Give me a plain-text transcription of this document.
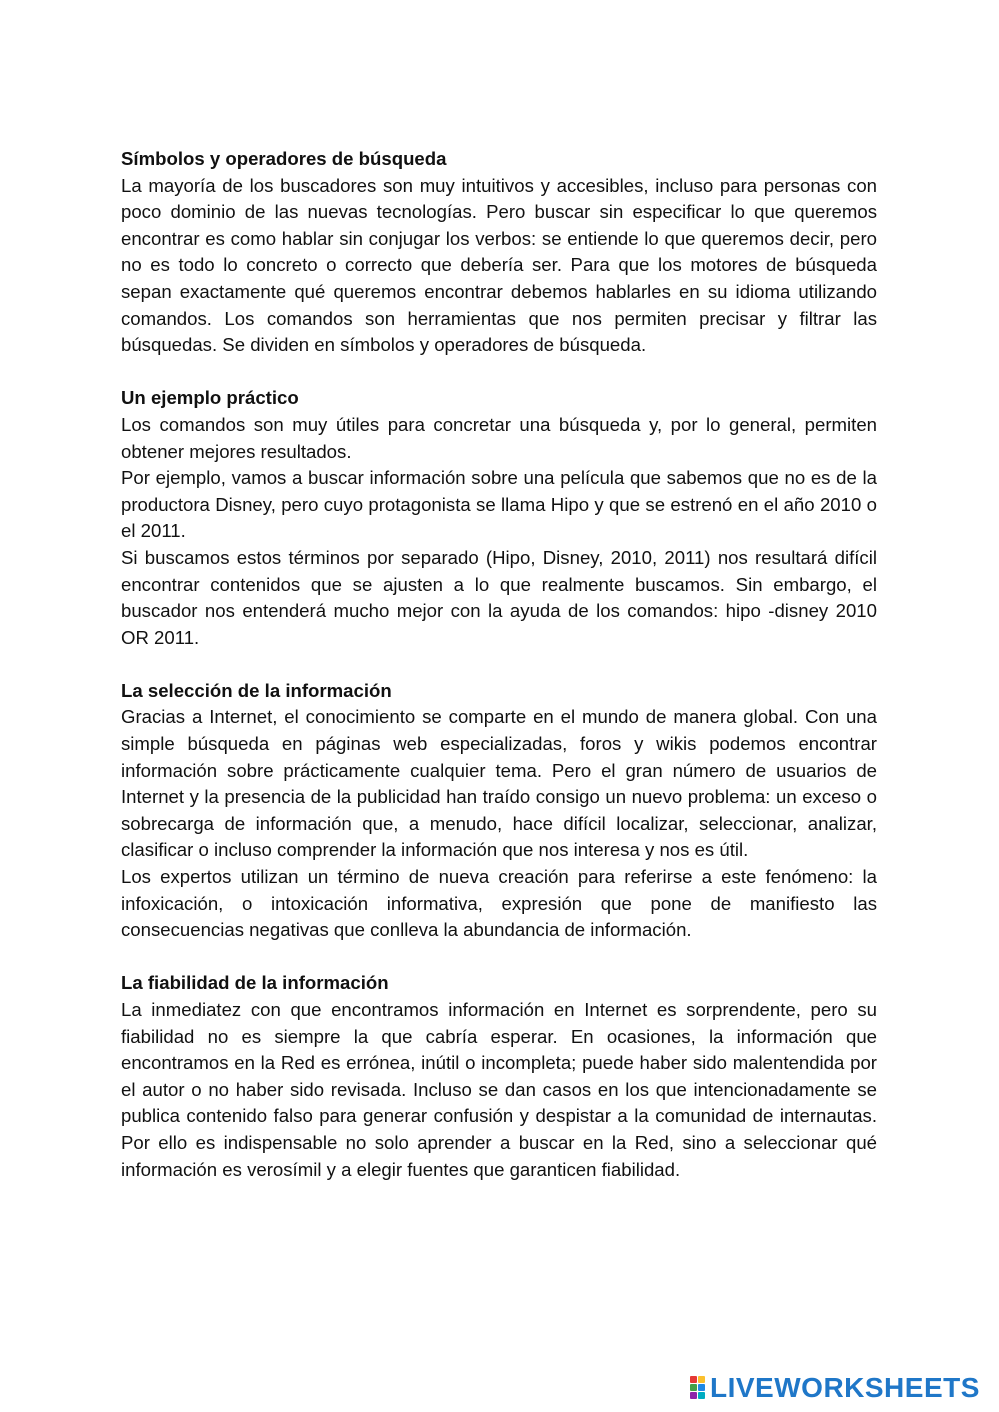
Símbolos y operadores de búsqueda

La mayoría de los buscadores son muy intuitivos y accesibles, incluso para personas con poco dominio de las nuevas tecnologías. Pero buscar sin especificar lo que queremos encontrar es como hablar sin conjugar los verbos: se entiende lo que queremos decir, pero no es todo lo concreto o correcto que debería ser. Para que los motores de búsqueda sepan exactamente qué queremos encontrar debemos hablarles en su idioma utilizando comandos. Los comandos son herramientas que nos permiten precisar y filtrar las búsquedas. Se dividen en símbolos y operadores de búsqueda.

Un ejemplo práctico

Los comandos son muy útiles para concretar una búsqueda y, por lo general, permiten obtener mejores resultados.

Por ejemplo, vamos a buscar información sobre una película que sabemos que no es de la productora Disney, pero cuyo protagonista se llama Hipo y que se estrenó en el año 2010 o el 2011.

Si buscamos estos términos por separado (Hipo, Disney, 2010, 2011) nos resultará difícil encontrar contenidos que se ajusten a lo que realmente buscamos. Sin embargo, el buscador nos entenderá mucho mejor con la ayuda de los comandos: hipo -disney 2010 OR 2011.

La selección de la información

Gracias a Internet, el conocimiento se comparte en el mundo de manera global. Con una simple búsqueda en páginas web especializadas, foros y wikis podemos encontrar información sobre prácticamente cualquier tema. Pero el gran número de usuarios de Internet y la presencia de la publicidad han traído consigo un nuevo problema: un exceso o sobrecarga de información que, a menudo, hace difícil localizar, seleccionar, analizar, clasificar o incluso comprender la información que nos interesa y nos es útil.

Los expertos utilizan un término de nueva creación para referirse a este fenómeno: la infoxicación, o intoxicación informativa, expresión que pone de manifiesto las consecuencias negativas que conlleva la abundancia de información.

La fiabilidad de la información

La inmediatez con que encontramos información en Internet es sorprendente, pero su fiabilidad no es siempre la que cabría esperar. En ocasiones, la información que encontramos en la Red es errónea, inútil o incompleta; puede haber sido malentendida por el autor o no haber sido revisada. Incluso se dan casos en los que intencionadamente se publica contenido falso para generar confusión y despistar a la comunidad de internautas. Por ello es indispensable no solo aprender a buscar en la Red, sino a seleccionar qué información es verosímil y a elegir fuentes que garanticen fiabilidad.

LIVEWORKSHEETS
